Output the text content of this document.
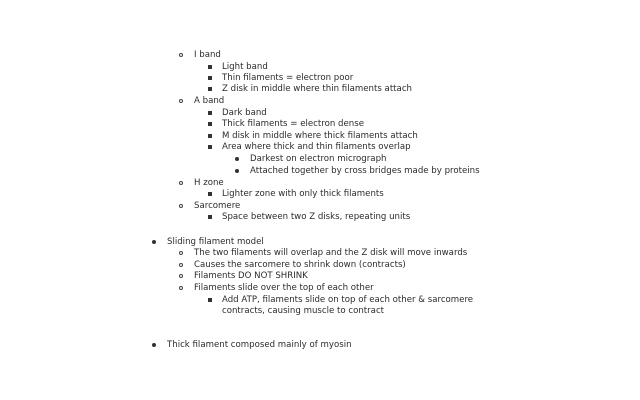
I band
Light band
Thin filaments = electron poor
Z disk in middle where thin filaments attach
A band
Dark band
Thick filaments = electron dense
M disk in middle where thick filaments attach
Area where thick and thin filaments overlap
Darkest on electron micrograph
Attached together by cross bridges made by proteins
H zone
Lighter zone with only thick filaments
Sarcomere
Space between two Z disks, repeating units
Sliding filament model
The two filaments will overlap and the Z disk will move inwards
Causes the sarcomere to shrink down (contracts)
Filaments DO NOT SHRINK
Filaments slide over the top of each other
Add ATP, filaments slide on top of each other & sarcomere
contracts, causing muscle to contract
Thick filament composed mainly of myosin
